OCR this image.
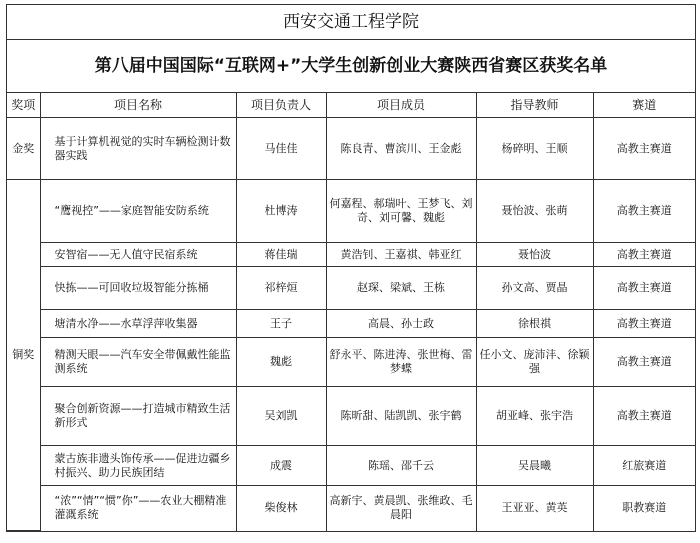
西安交通工程学院
第八届中国国际“互联网+”大学生创新创业大赛陕西省赛区获奖名单
奖项	项目名称	项目负责人	项目成员	指导教师	赛道
金奖	基于计算机视觉的实时车辆检测计数器实践	马佳佳	陈良青、曹滨川、王金彪	杨碎明、王顺	高教主赛道
铜奖	“鹰视控”——家庭智能安防系统	杜博涛	何嘉程、郝瑞叶、王梦飞、刘奇、刘可馨、魏彪	聂怡波、张萌	高教主赛道
	安智宿——无人值守民宿系统	蒋佳瑞	黄浩钊、王嘉祺、韩亚红	聂怡波	高教主赛道
	快拣——可回收垃圾智能分拣桶	祁梓烜	赵琛、梁斌、王栋	孙文高、贾晶	高教主赛道
	塘清水净——水草浮萍收集器	王子	高晨、孙士政	徐根祺	高教主赛道
	精测天眼——汽车安全带佩戴性能监测系统	魏彪	舒永平、陈进涛、张世梅、雷梦蝶	任小文、庞沛沣、徐颖强	高教主赛道
	聚合创新资源——打造城市精致生活新形式	吴刘凯	陈昕甜、陆凯凯、张宇鹤	胡亚峰、张宇浩	高教主赛道
	蒙古族非遗头饰传承——促进边疆乡村振兴、助力民族团结	成震	陈瑶、邵千云	吴晨曦	红旅赛道
	“浓”“情”“惯”你”——农业大棚精准灌溉系统	柴俊林	高新宇、黄晨凯、张维政、毛晨阳	王亚亚、黄英	职教赛道
